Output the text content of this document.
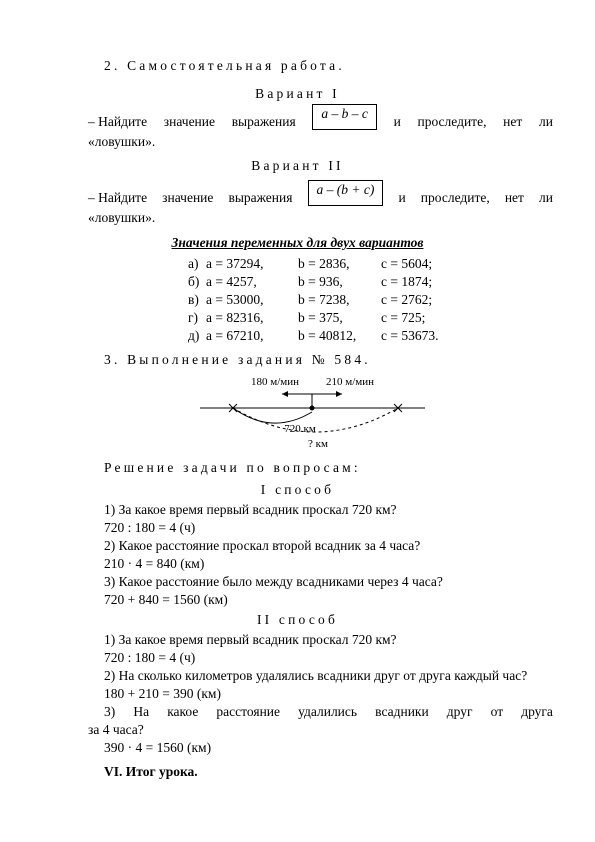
2. Самостоятельная работа.
Вариант I
– Найдите значение выражения
a – b – c
и проследите, нет ли
«ловушки».
Вариант II
– Найдите значение выражения
a – (b + c)
и проследите, нет ли
«ловушки».
Значения переменных для двух вариантов
а) a = 37294,	b = 2836, c = 5604;
б) a = 4257,	b = 936,	c = 1874;
в) a = 53000,	b = 7238, c = 2762;
г) a = 82316,	b = 375,	c = 725;
д) a = 67210,	b = 40812, c = 53673.
3. Выполнение задания № 584.
180 м/мин 210 м/мин
720 км
? км
Решение задачи по вопросам:
I способ
1) За какое время первый всадник проскал 720 км?
720 : 180 = 4 (ч)
2) Какое расстояние проскал второй всадник за 4 часа?
210 · 4 = 840 (км)
3) Какое расстояние было между всадниками через 4 часа?
720 + 840 = 1560 (км)
II способ
1) За какое время первый всадник проскал 720 км?
720 : 180 = 4 (ч)
2) На сколько километров удалялись всадники друг от друга каждый час?
180 + 210 = 390 (км)
3) На какое расстояние удалились всадники друг от друга
за 4 часа?
390 · 4 = 1560 (км)
VI. Итог урока.
